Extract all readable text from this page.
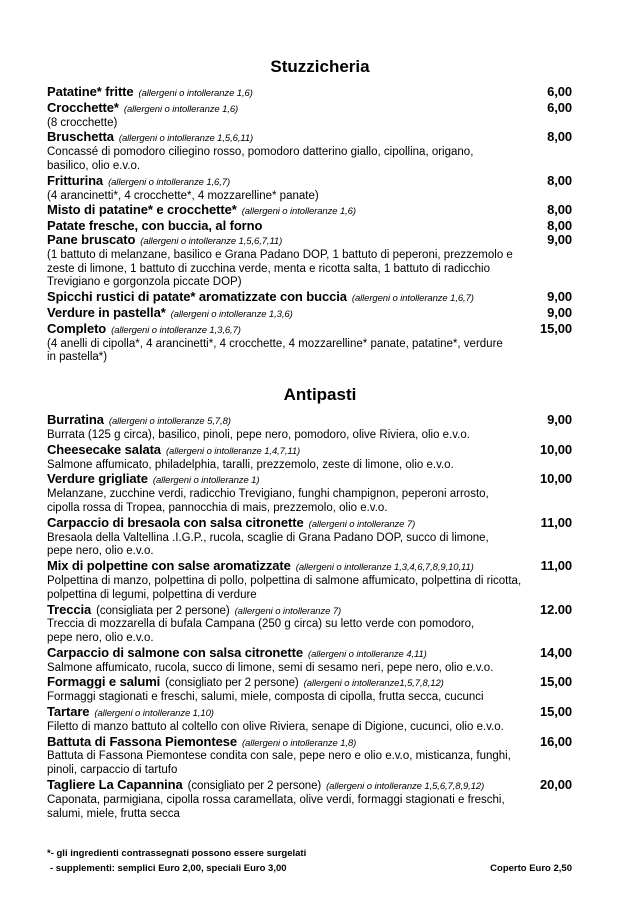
Stuzzicheria
Patatine* fritte (allergeni o intolleranze 1,6)	6,00
Crocchette* (allergeni o intolleranze 1,6)	6,00
(8 crocchette)
Bruschetta (allergeni o intolleranze 1,5,6,11)	8,00
Concassé di pomodoro ciliegino rosso, pomodoro datterino giallo, cipollina, origano,
basilico, olio e.v.o.
Fritturina (allergeni o intolleranze 1,6,7)	8,00
(4 arancinetti*, 4 crocchette*, 4 mozzarelline* panate)
Misto di patatine* e crocchette* (allergeni o intolleranze 1,6)	8,00
Patate fresche, con buccia, al forno	8,00
Pane bruscato (allergeni o intolleranze 1,5,6,7,11)	9,00
(1 battuto di melanzane, basilico e Grana Padano DOP, 1 battuto di peperoni, prezzemolo e
zeste di limone, 1 battuto di zucchina verde, menta e ricotta salta, 1 battuto di radicchio
Trevigiano e gorgonzola piccate DOP)
Spicchi rustici di patate* aromatizzate con buccia (allergeni o intolleranze 1,6,7)	9,00
Verdure in pastella* (allergeni o intolleranze 1,3,6)	9,00
Completo (allergeni o intolleranze 1,3,6,7)	15,00
(4 anelli di cipolla*, 4 arancinetti*, 4 crocchette, 4 mozzarelline* panate, patatine*, verdure
in pastella*)
Antipasti
Burratina (allergeni o intolleranze 5,7,8)	9,00
Burrata (125 g circa), basilico, pinoli, pepe nero, pomodoro, olive Riviera, olio e.v.o.
Cheesecake salata (allergeni o intolleranze 1,4,7,11)	10,00
Salmone affumicato, philadelphia, taralli, prezzemolo, zeste di limone, olio e.v.o.
Verdure grigliate (allergeni o intolleranze 1)	10,00
Melanzane, zucchine verdi, radicchio Trevigiano, funghi champignon, peperoni arrosto,
cipolla rossa di Tropea, pannocchia di mais, prezzemolo, olio e.v.o.
Carpaccio di bresaola con salsa citronette (allergeni o intolleranze 7)	11,00
Bresaola della Valtellina .I.G.P., rucola, scaglie di Grana Padano DOP, succo di limone,
pepe nero, olio e.v.o.
Mix di polpettine con salse aromatizzate (allergeni o intolleranze 1,3,4,6,7,8,9,10,11)	11,00
Polpettina di manzo, polpettina di pollo, polpettina di salmone affumicato, polpettina di ricotta,
polpettina di legumi, polpettina di verdure
Treccia (consigliata per 2 persone) (allergeni o intolleranze 7)	12.00
Treccia di mozzarella di bufala Campana (250 g circa) su letto verde con pomodoro,
pepe nero, olio e.v.o.
Carpaccio di salmone con salsa citronette (allergeni o intolleranze 4,11)	14,00
Salmone affumicato, rucola, succo di limone, semi di sesamo neri, pepe nero, olio e.v.o.
Formaggi e salumi (consigliato per 2 persone) (allergeni o intolleranze1,5,7,8,12)	15,00
Formaggi stagionati e freschi, salumi, miele, composta di cipolla, frutta secca, cucunci
Tartare (allergeni o intolleranze 1,10)	15,00
Filetto di manzo battuto al coltello con olive Riviera, senape di Digione, cucunci, olio e.v.o.
Battuta di Fassona Piemontese (allergeni o intolleranze 1,8)	16,00
Battuta di Fassona Piemontese condita con sale, pepe nero e olio e.v.o, misticanza, funghi,
pinoli, carpaccio di tartufo
Tagliere La Capannina (consigliato per 2 persone) (allergeni o intolleranze 1,5,6,7,8,9,12)	20,00
Caponata, parmigiana, cipolla rossa caramellata, olive verdi, formaggi stagionati e freschi,
salumi, miele, frutta secca
*- gli ingredienti contrassegnati possono essere surgelati
- supplementi: semplici Euro 2,00, speciali Euro 3,00	Coperto Euro 2,50
